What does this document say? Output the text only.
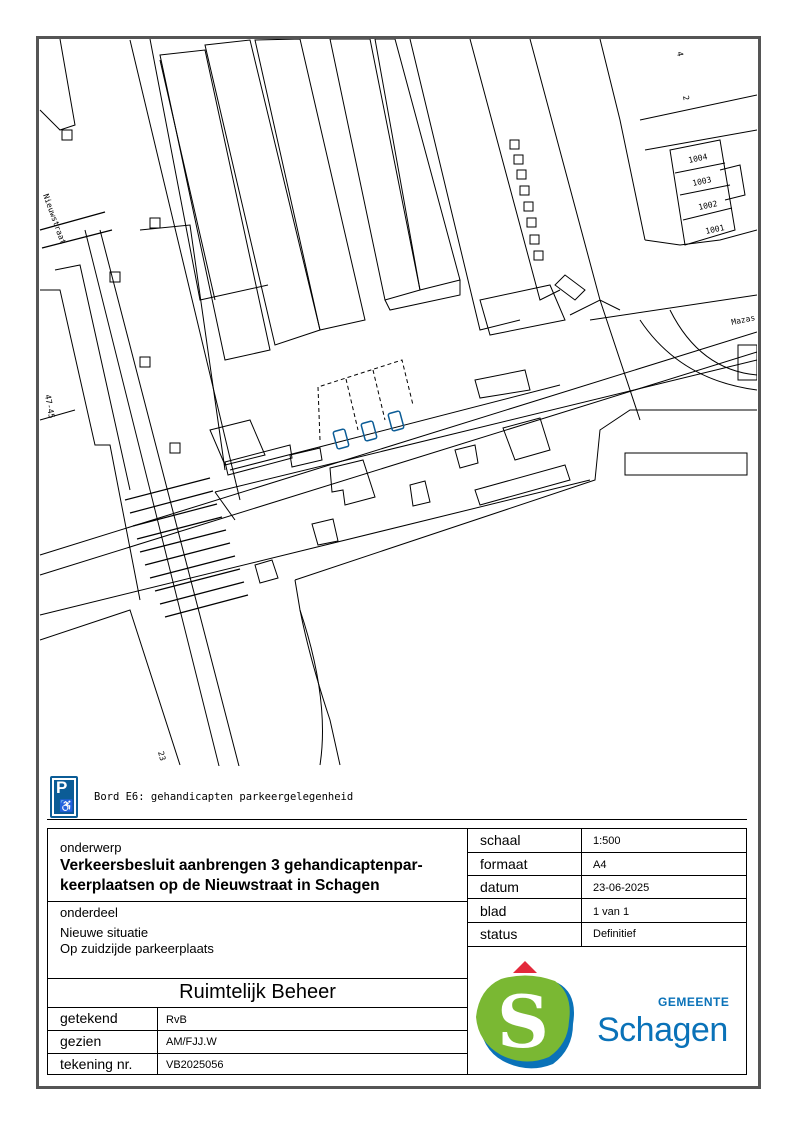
Nieuwstraat
Mazas
47-45
23
1004
1003
1002
1001
4
2
P
♿
Bord E6: gehandicapten parkeergelegenheid
onderwerp
Verkeersbesluit aanbrengen 3 gehandicaptenpar-
keerplaatsen op de Nieuwstraat in Schagen
onderdeel
Nieuwe situatie
Op zuidzijde parkeerplaats
Ruimtelijk Beheer
getekend	RvB
gezien	AM/FJJ.W
tekening nr.	VB2025056
schaal	1:500
formaat	A4
datum	23-06-2025
blad	1 van 1
status	Definitief
S	GEMEENTE
Schagen
